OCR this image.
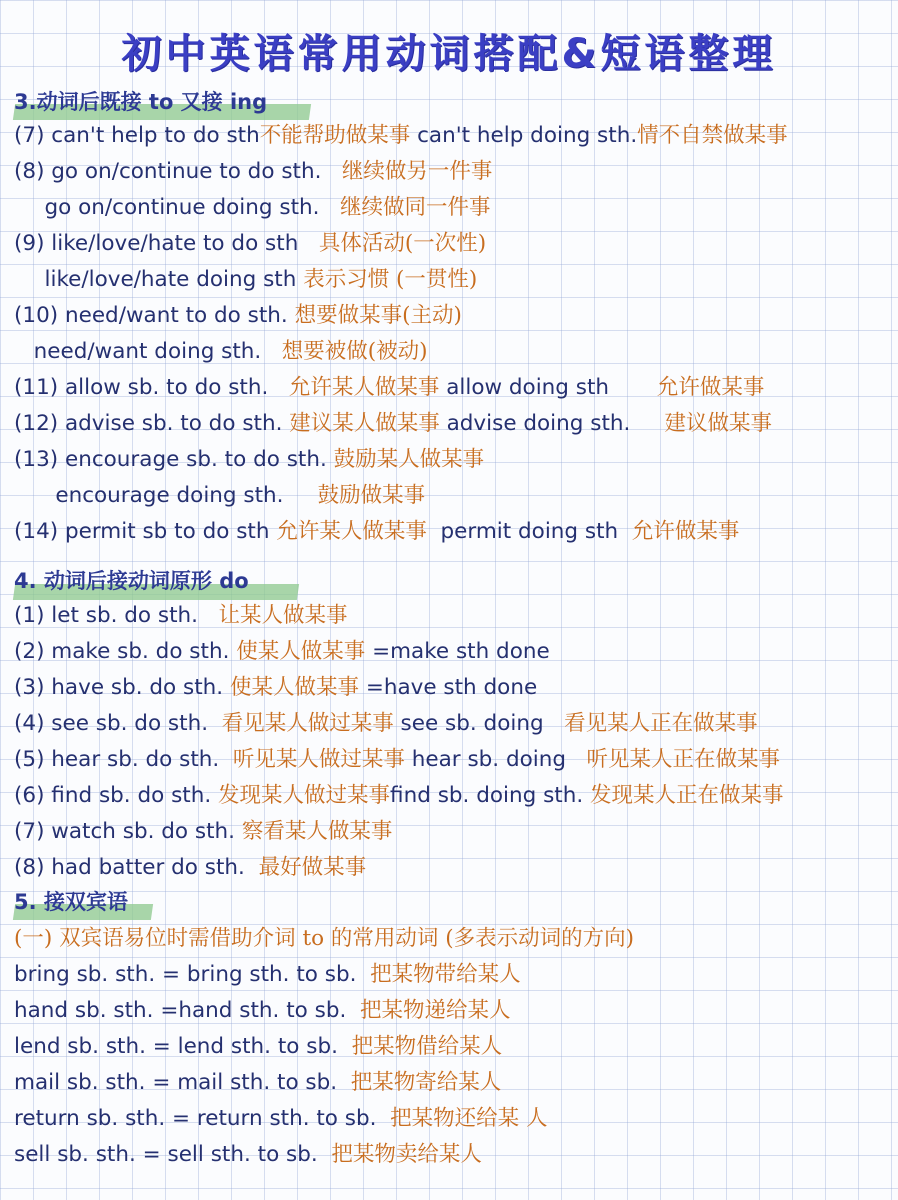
初中英语常用动词搭配&短语整理
3.动词后既接 to 又接 ing
(7) can't help to do sth不能帮助做某事 can't help doing sth.情不自禁做某事
(8) go on/continue to do sth.   继续做另一件事
go on/continue doing sth.   继续做同一件事
(9) like/love/hate to do sth   具体活动(一次性)
like/love/hate doing sth 表示习惯 (一贯性)
(10) need/want to do sth. 想要做某事(主动)
need/want doing sth.   想要被做(被动)
(11) allow sb. to do sth.   允许某人做某事 allow doing sth       允许做某事
(12) advise sb. to do sth. 建议某人做某事 advise doing sth.     建议做某事
(13) encourage sb. to do sth. 鼓励某人做某事
encourage doing sth.     鼓励做某事
(14) permit sb to do sth 允许某人做某事  permit doing sth  允许做某事
4. 动词后接动词原形 do
(1) let sb. do sth.   让某人做某事
(2) make sb. do sth. 使某人做某事 =make sth done
(3) have sb. do sth. 使某人做某事 =have sth done
(4) see sb. do sth.  看见某人做过某事 see sb. doing   看见某人正在做某事
(5) hear sb. do sth.  听见某人做过某事 hear sb. doing   听见某人正在做某事
(6) find sb. do sth. 发现某人做过某事find sb. doing sth. 发现某人正在做某事
(7) watch sb. do sth. 察看某人做某事
(8) had batter do sth.  最好做某事
5. 接双宾语
(一) 双宾语易位时需借助介词 to 的常用动词 (多表示动词的方向)
bring sb. sth. = bring sth. to sb.  把某物带给某人
hand sb. sth. =hand sth. to sb.  把某物递给某人
lend sb. sth. = lend sth. to sb.  把某物借给某人
mail sb. sth. = mail sth. to sb.  把某物寄给某人
return sb. sth. = return sth. to sb.  把某物还给某 人
sell sb. sth. = sell sth. to sb.  把某物卖给某人
